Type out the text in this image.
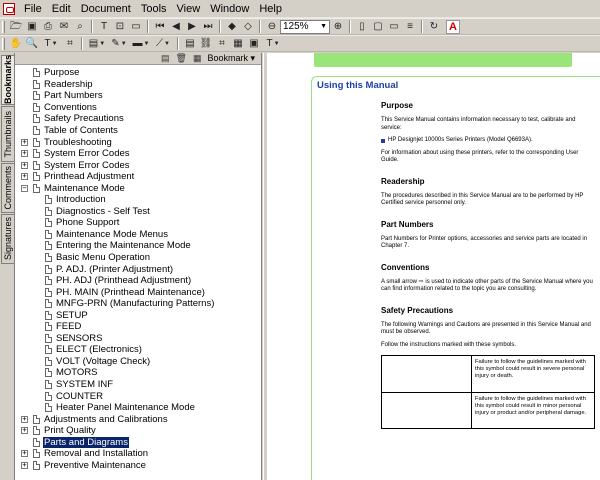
File Edit Document Tools View Window Help
🗁 ▣ ⎙ ✉ ⌕	T ⊡ ▭ ⏮ ◀ ▶ ⏭	◆ ◇	⊖ 125% ▼ ⊕	▯ ▢ ▭ ≡	↻ A
✋ 🔍 T ▼ ⌗	▤ ▼ ✎ ▼ ▬ ▼ ⟋ ▼ ▤ ⛓ ⌗ ▦ ▣ T ▼
Bookmarks
Thumbnails
Comments
Signatures
▤ 🗑 ▦ Bookmark ▾
Purpose
Readership
Part Numbers
Conventions
Safety Precautions
Table of Contents
+ Troubleshooting
+ System Error Codes
+ System Error Codes
+ Printhead Adjustment
− Maintenance Mode
Introduction
Diagnostics - Self Test
Phone Support
Maintenance Mode Menus
Entering the Maintenance Mode
Basic Menu Operation
P. ADJ. (Printer Adjustment)
PH. ADJ (Printhead Adjustment)
PH. MAIN (Printhead Maintenance)
MNFG-PRN (Manufacturing Patterns)
SETUP
FEED
SENSORS
ELECT (Electronics)
VOLT (Voltage Check)
MOTORS
SYSTEM INF
COUNTER
Heater Panel Maintenance Mode
+ Adjustments and Calibrations
+ Print Quality
Parts and Diagrams
+ Removal and Installation
+ Preventive Maintenance
Using this Manual
Purpose

This Service Manual contains information necessary to test, calibrate and service:

HP Designjet 10000s Series Printers (Model Q6693A).

For information about using these printers, refer to the corresponding User Guide.

Readership

The procedures described in this Service Manual are to be performed by HP Certified service personnel only.

Part Numbers

Part Numbers for Printer options, accessories and service parts are located in Chapter 7.

Conventions

A small arrow ⇨ is used to indicate other parts of the Service Manual where you can find information related to the topic you are consulting.

Safety Precautions

The following Warnings and Cautions are presented in this Service Manual and must be observed.

Follow the instructions marked with these symbols.

Failure to follow the guidelines marked with this symbol could result in severe personal injury or death.
Failure to follow the guidelines marked with this symbol could result in minor personal injury or product and/or peripheral damage.
